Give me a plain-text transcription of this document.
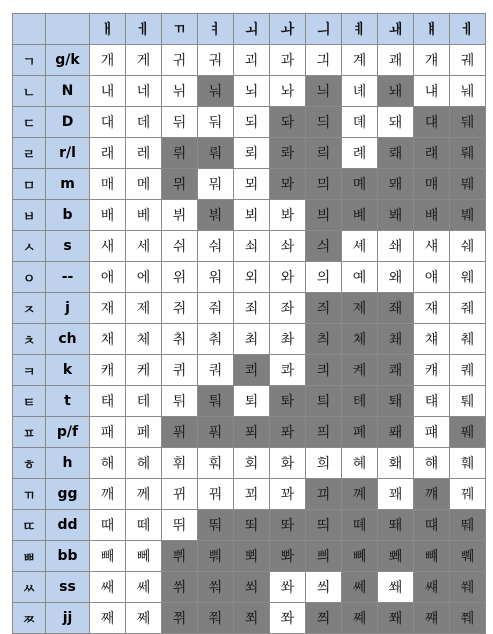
		ㅐ	ㅔ	ㄲ	ㅕ	ㅚ	ㅘ	ㅢ	ㅖ	ㅙ	ㅒ	ㅔ
ㄱ	g/k	개	게	귀	궈	괴	과	긔	계	괘	걔	궤
ㄴ	N	내	네	뉘	눠	뇌	놔	늬	녜	놰	냬	눼
ㄷ	D	대	데	뒤	둬	되	돠	듸	뎨	돼	댸	뒈
ㄹ	r/l	래	레	뤼	뤄	뢰	롸	릐	례	뢔	럐	뤠
ㅁ	m	매	메	뮈	뭐	뫼	뫄	믜	몌	뫠	먜	뭬
ㅂ	b	배	베	뷔	붜	뵈	봐	븨	볘	봬	뱨	붸
ㅅ	s	새	세	쉬	숴	쇠	솨	싀	셰	쇄	섀	쉐
ㅇ	--	애	에	위	워	외	와	의	예	왜	얘	웨
ㅈ	j	재	제	쥐	줘	죄	좌	즤	졔	좨	쟤	줴
ㅊ	ch	채	체	취	춰	최	촤	츼	쳬	쵀	챼	췌
ㅋ	k	캐	케	퀴	쿼	쾨	콰	킈	켸	쾌	컈	퀘
ㅌ	t	태	테	튀	퉈	퇴	톼	틔	톄	퇘	턔	퉤
ㅍ	p/f	패	페	퓌	풔	푀	퐈	픠	폐	퐤	퍠	풰
ㅎ	h	해	헤	휘	훠	회	화	희	혜	홰	햬	훼
ㄲ	gg	깨	께	뀌	꿔	꾀	꽈	끠	꼐	꽤	꺠	꿰
ㄸ	dd	때	떼	뛰	뚸	뙤	똬	띄	뗴	뙈	떄	뛔
ㅃ	bb	빼	뻬	쀠	뿨	뾔	뽜	쁴	뼤	뽸	뺴	쀄
ㅆ	ss	쌔	쎄	쒸	쒀	쐬	쏴	씌	쎼	쐐	썌	쒜
ㅉ	jj	째	쩨	쮜	쭤	쬐	쫘	쯰	쪠	쫴	쨰	쮀
